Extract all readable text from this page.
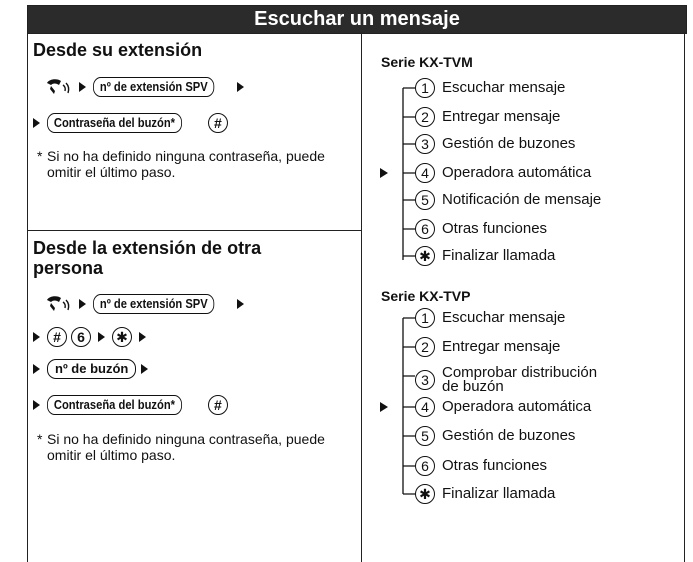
Escuchar un mensaje
Desde su extensión
nº de extensión SPV
Contraseña del buzón*	#
* Si no ha definido ninguna contraseña, puede omitir el último paso.
Desde la extensión de otra
persona
nº de extensión SPV
#	6	✱
nº de buzón
Contraseña del buzón*	#
* Si no ha definido ninguna contraseña, puede omitir el último paso.
Serie KX-TVM
1 Escuchar mensaje
2 Entregar mensaje
3 Gestión de buzones
4 Operadora automática
5 Notificación de mensaje
6 Otras funciones
✱ Finalizar llamada
Serie KX-TVP
1 Escuchar mensaje
2 Entregar mensaje
3 Comprobar distribución
de buzón
4 Operadora automática
5 Gestión de buzones
6 Otras funciones
✱ Finalizar llamada
